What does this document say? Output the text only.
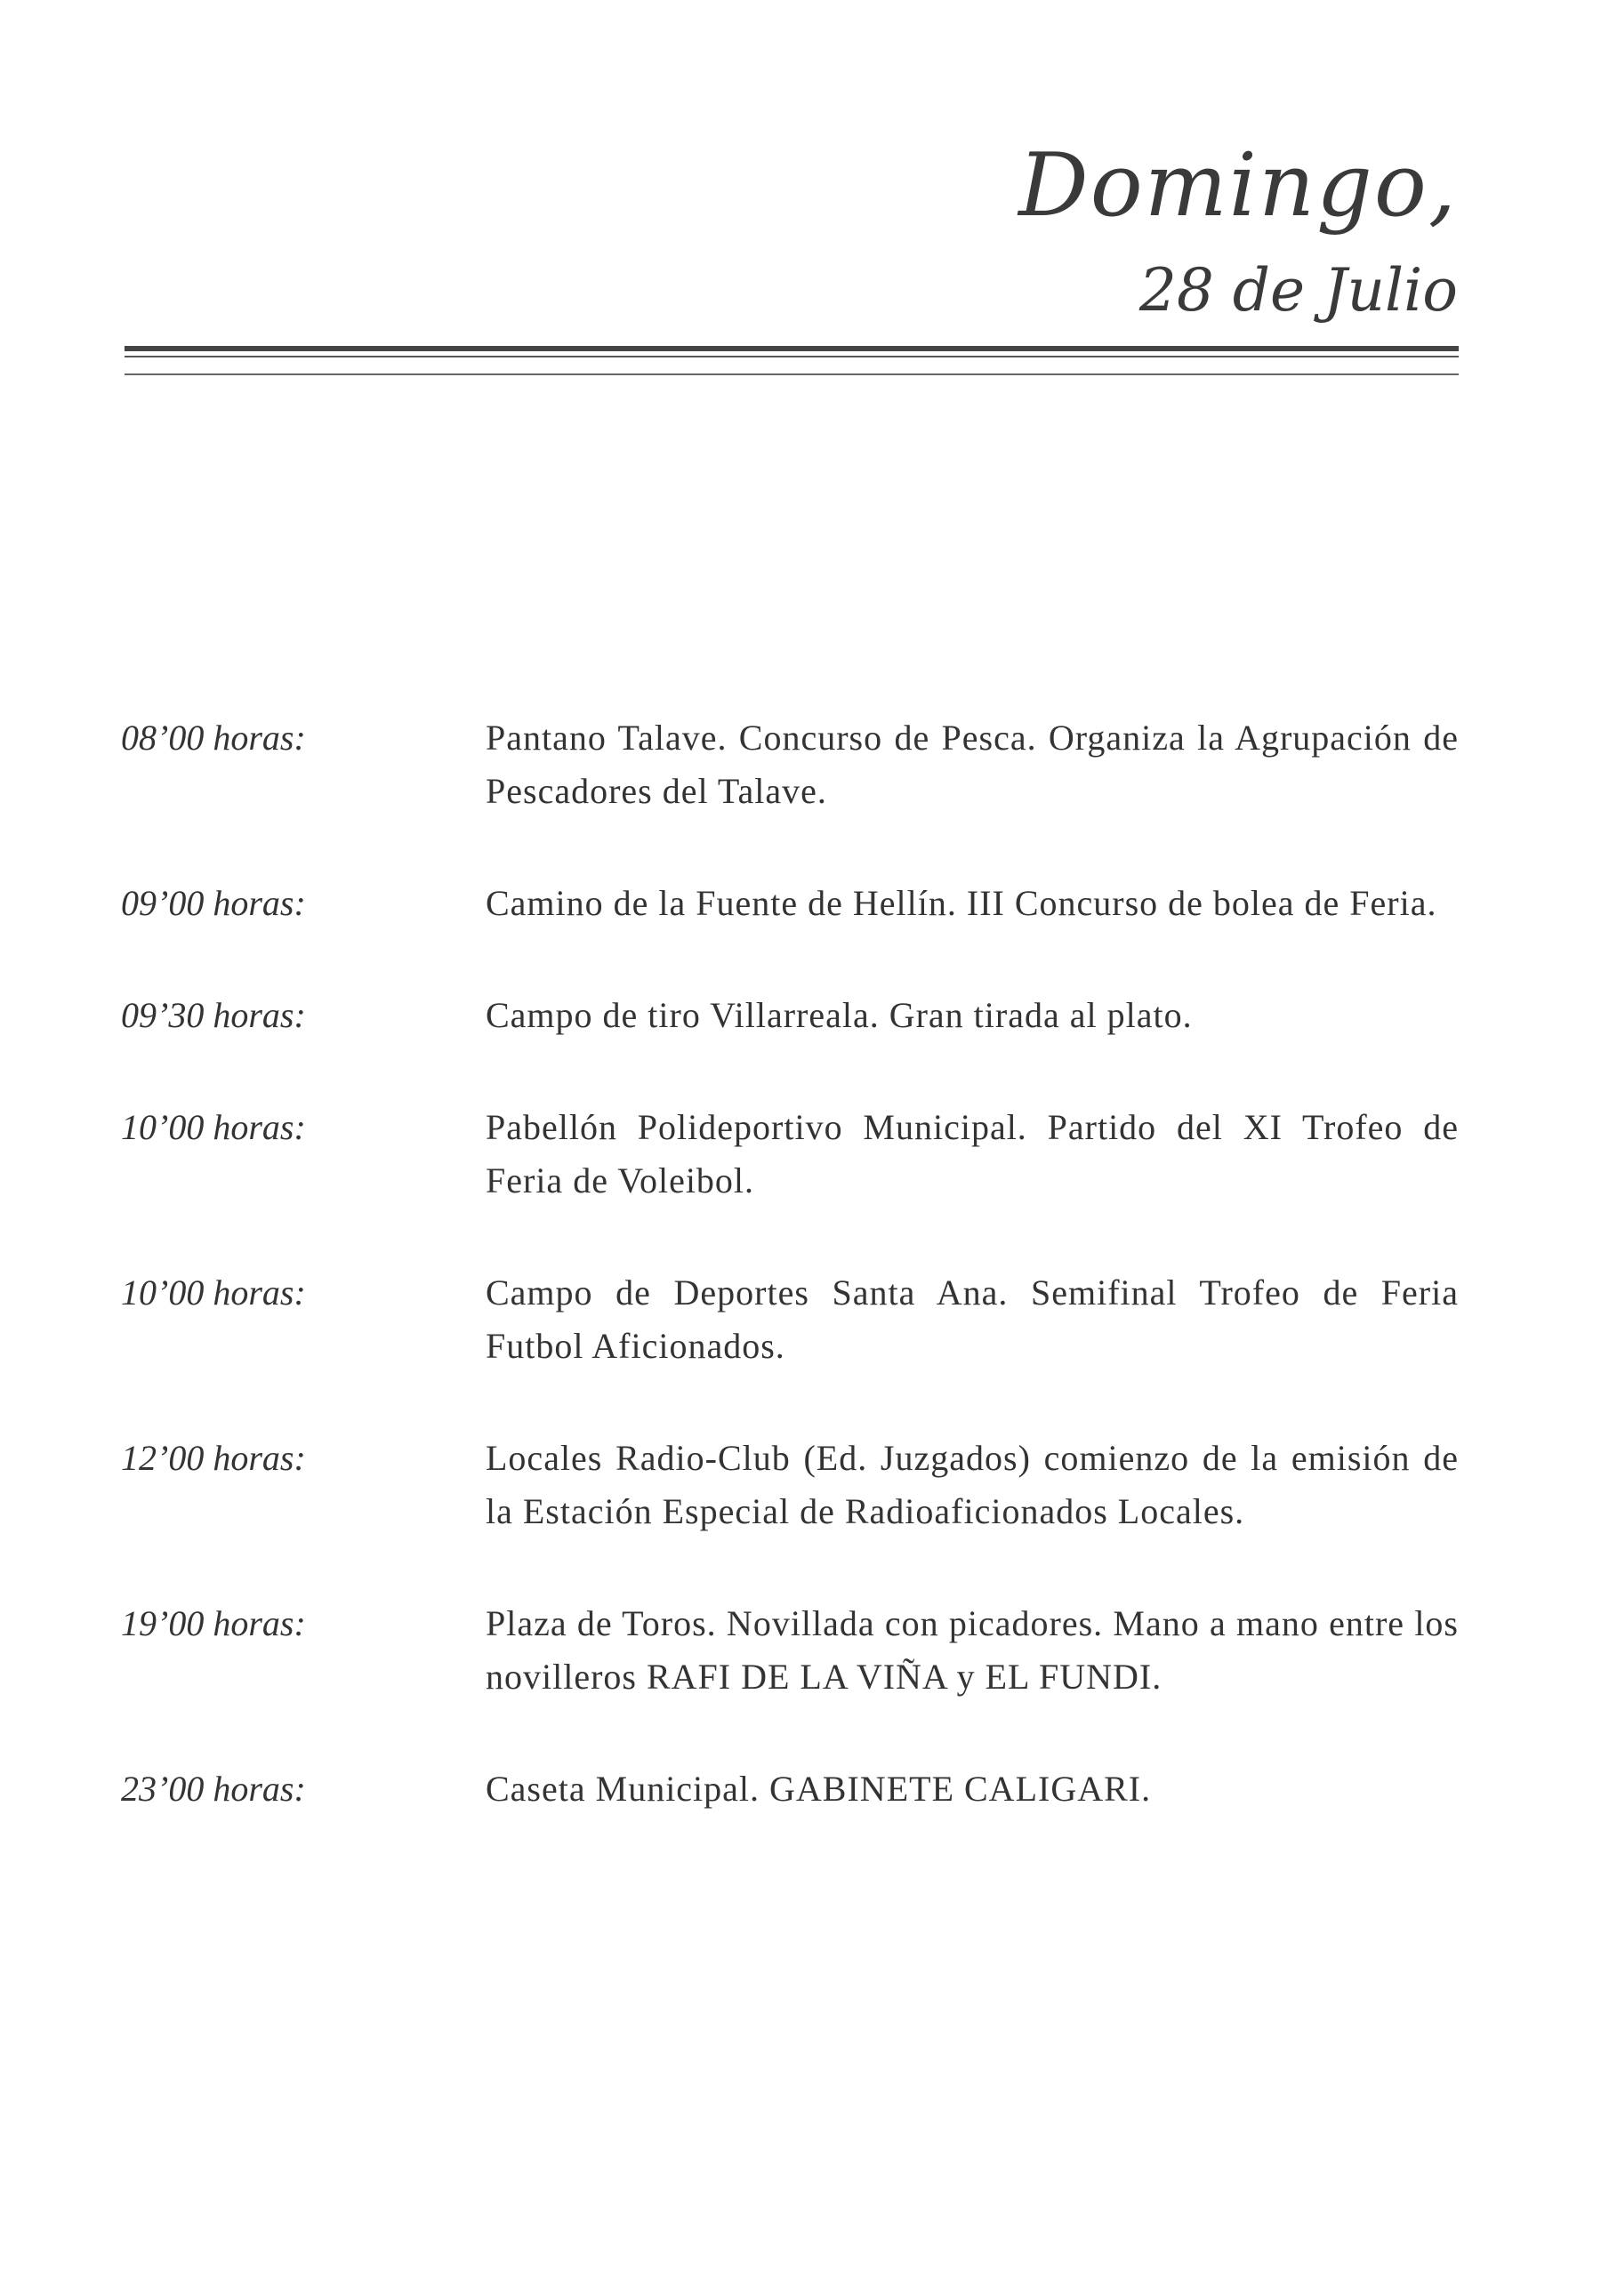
Domingo,
28 de Julio
08’00 horas:	Pantano Talave. Concurso de Pesca. Organiza la Agrupación de Pescadores del Talave.
09’00 horas:	Camino de la Fuente de Hellín. III Concurso de bolea de Feria.
09’30 horas:	Campo de tiro Villarreala. Gran tirada al plato.
10’00 horas:	Pabellón Polideportivo Municipal. Partido del XI Trofeo de Feria de Voleibol.
10’00 horas:	Campo de Deportes Santa Ana. Semifinal Trofeo de Feria Futbol Aficionados.
12’00 horas:	Locales Radio-Club (Ed. Juzgados) comienzo de la emisión de la Estación Especial de Radioaficionados Locales.
19’00 horas:	Plaza de Toros. Novillada con picadores. Mano a mano entre los novilleros RAFI DE LA VIÑA y EL FUNDI.
23’00 horas:	Caseta Municipal. GABINETE CALIGARI.
